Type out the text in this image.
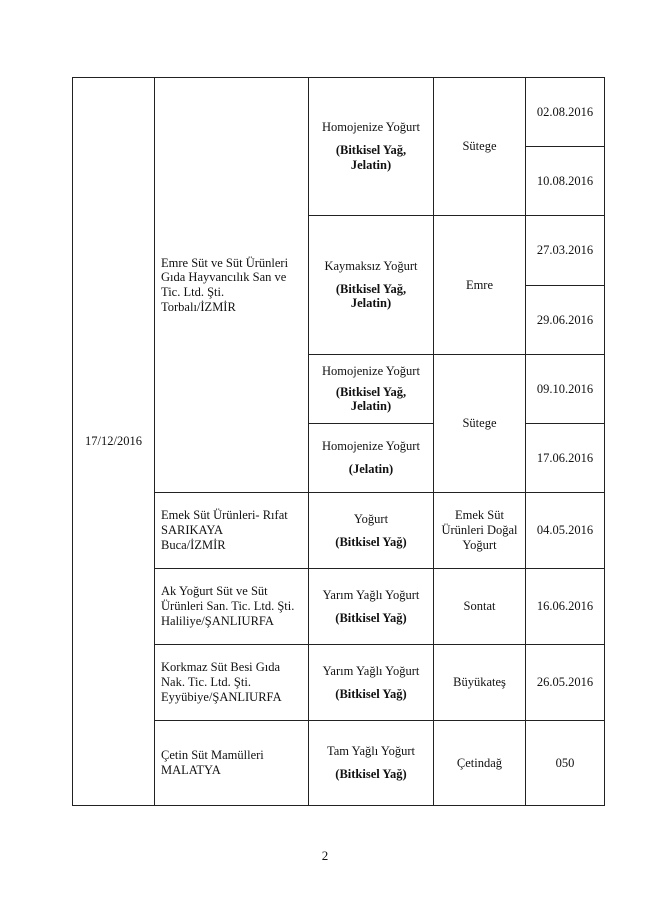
17/12/2016	Emre Süt ve Süt Ürünleri
Gıda Hayvancılık San ve
Tic. Ltd. Şti.
Torbalı/İZMİR	Homojenize Yoğurt
(Bitkisel Yağ,
Jelatin)	Sütege	02.08.2016
				10.08.2016

		Kaymaksız Yoğurt
(Bitkisel Yağ,
Jelatin)	Emre	27.03.2016
				29.06.2016

		Homojenize Yoğurt
(Bitkisel Yağ,
Jelatin)	Sütege	09.10.2016

		Homojenize Yoğurt
(Jelatin)		17.06.2016

	Emek Süt Ürünleri- Rıfat
SARIKAYA
Buca/İZMİR	Yoğurt
(Bitkisel Yağ)	Emek Süt
Ürünleri Doğal
Yoğurt	04.05.2016

	Ak Yoğurt Süt ve Süt
Ürünleri San. Tic. Ltd. Şti.
Haliliye/ŞANLIURFA	Yarım Yağlı Yoğurt
(Bitkisel Yağ)	Sontat	16.06.2016

	Korkmaz Süt Besi Gıda
Nak. Tic. Ltd. Şti.
Eyyübiye/ŞANLIURFA	Yarım Yağlı Yoğurt
(Bitkisel Yağ)	Büyükateş	26.05.2016

	Çetin Süt Mamülleri
MALATYA	Tam Yağlı Yoğurt
(Bitkisel Yağ)	Çetindağ	050
2
